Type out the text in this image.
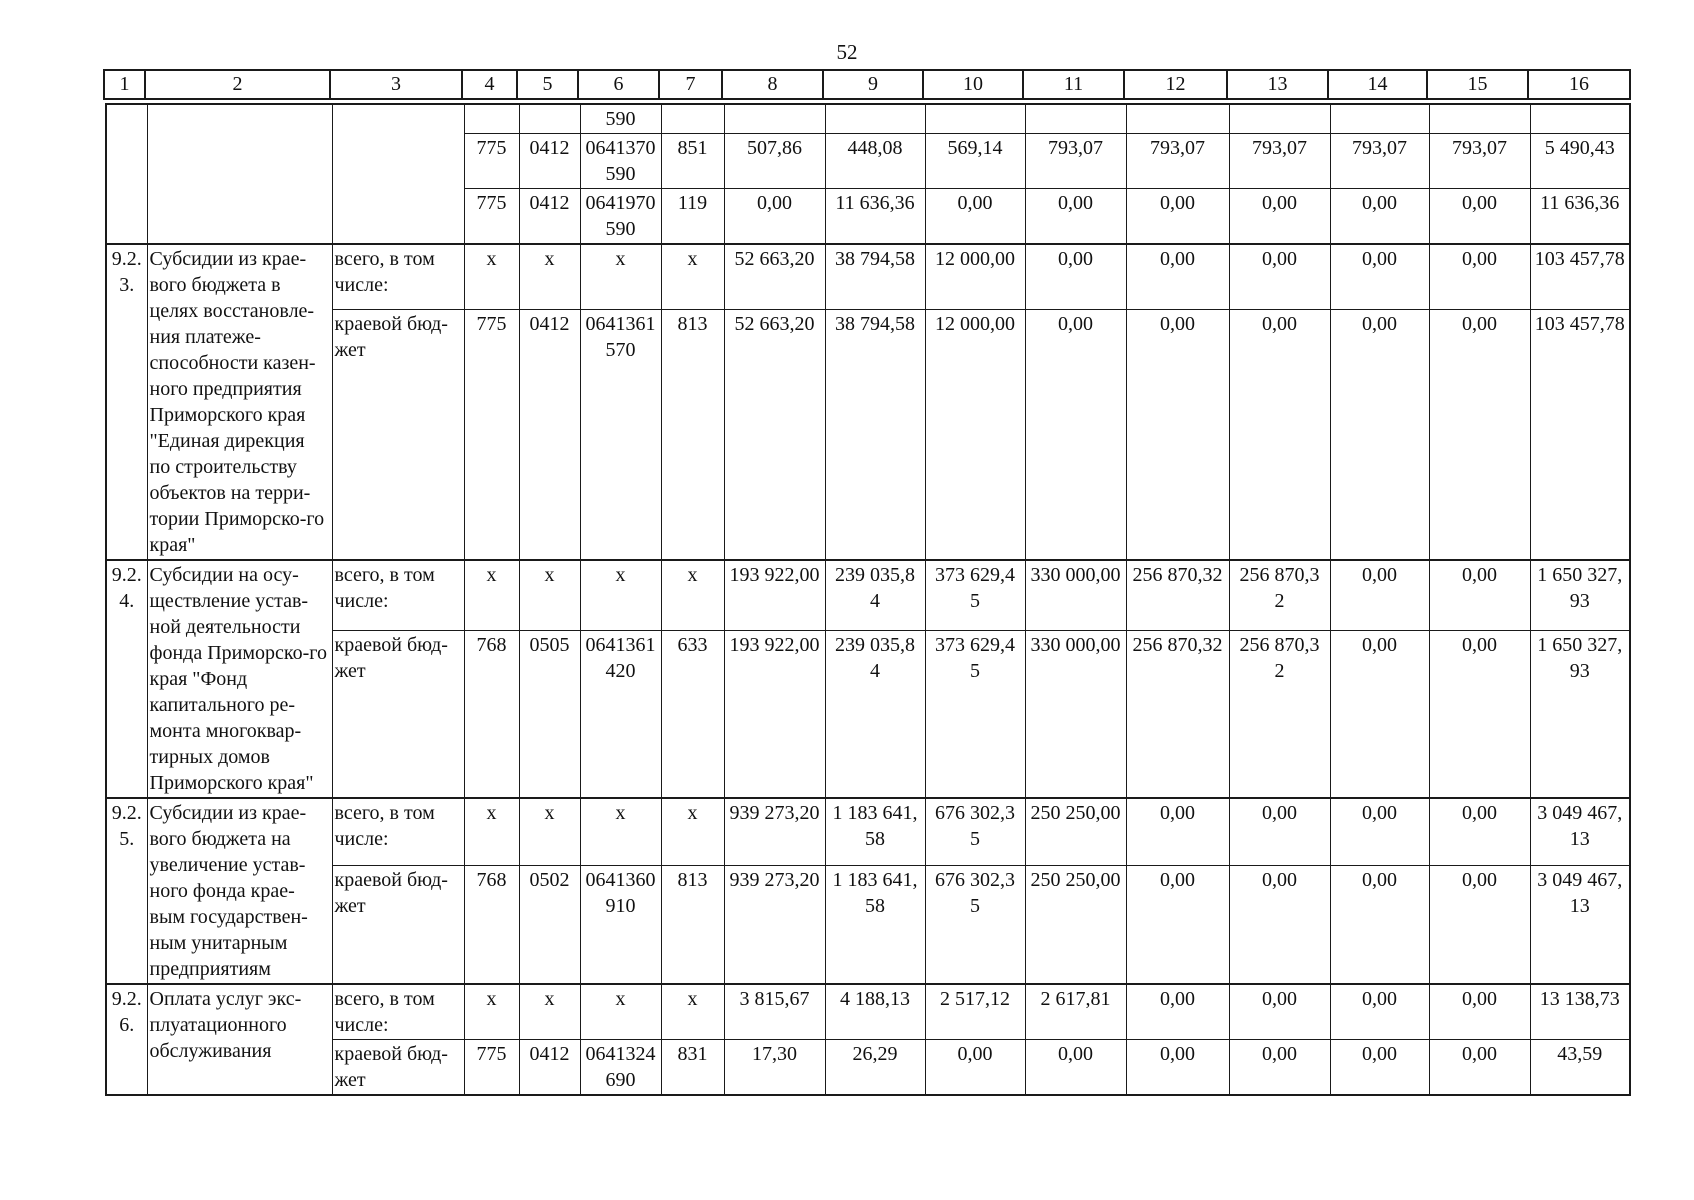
52
1	2	3	4	5	6	7	8	9	10	11	12	13	14	15	16
					590										
			775	0412	0641370 590	851	507,86	448,08	569,14	793,07	793,07	793,07	793,07	793,07	5 490,43
			775	0412	0641970 590	119	0,00	11 636,36	0,00	0,00	0,00	0,00	0,00	0,00	11 636,36
9.2. 3.	Субсидии из крае-вого бюджета в целях восстановле-ния платеже-способности казен-ного предприятия Приморского края "Единая дирекция по строительству объектов на терри-тории Приморско-го края"	всего, в том числе:	x	x	x	x	52 663,20	38 794,58	12 000,00	0,00	0,00	0,00	0,00	0,00	103 457,78
		краевой бюд-жет	775	0412	0641361 570	813	52 663,20	38 794,58	12 000,00	0,00	0,00	0,00	0,00	0,00	103 457,78
9.2. 4.	Субсидии на осу-ществление устав-ной деятельности фонда Приморско-го края "Фонд капитального ре-монта многоквар-тирных домов Приморского края"	всего, в том числе:	x	x	x	x	193 922,00	239 035,8 4	373 629,4 5	330 000,00	256 870,32	256 870,3 2	0,00	0,00	1 650 327, 93
		краевой бюд-жет	768	0505	0641361 420	633	193 922,00	239 035,8 4	373 629,4 5	330 000,00	256 870,32	256 870,3 2	0,00	0,00	1 650 327, 93
9.2. 5.	Субсидии из крае-вого бюджета на увеличение устав-ного фонда крае-вым государствен-ным унитарным предприятиям	всего, в том числе:	x	x	x	x	939 273,20	1 183 641, 58	676 302,3 5	250 250,00	0,00	0,00	0,00	0,00	3 049 467, 13
		краевой бюд-жет	768	0502	0641360 910	813	939 273,20	1 183 641, 58	676 302,3 5	250 250,00	0,00	0,00	0,00	0,00	3 049 467, 13
9.2. 6.	Оплата услуг экс-плуатационного обслуживания	всего, в том числе:	x	x	x	x	3 815,67	4 188,13	2 517,12	2 617,81	0,00	0,00	0,00	0,00	13 138,73
		краевой бюд-жет	775	0412	0641324 690	831	17,30	26,29	0,00	0,00	0,00	0,00	0,00	0,00	43,59
